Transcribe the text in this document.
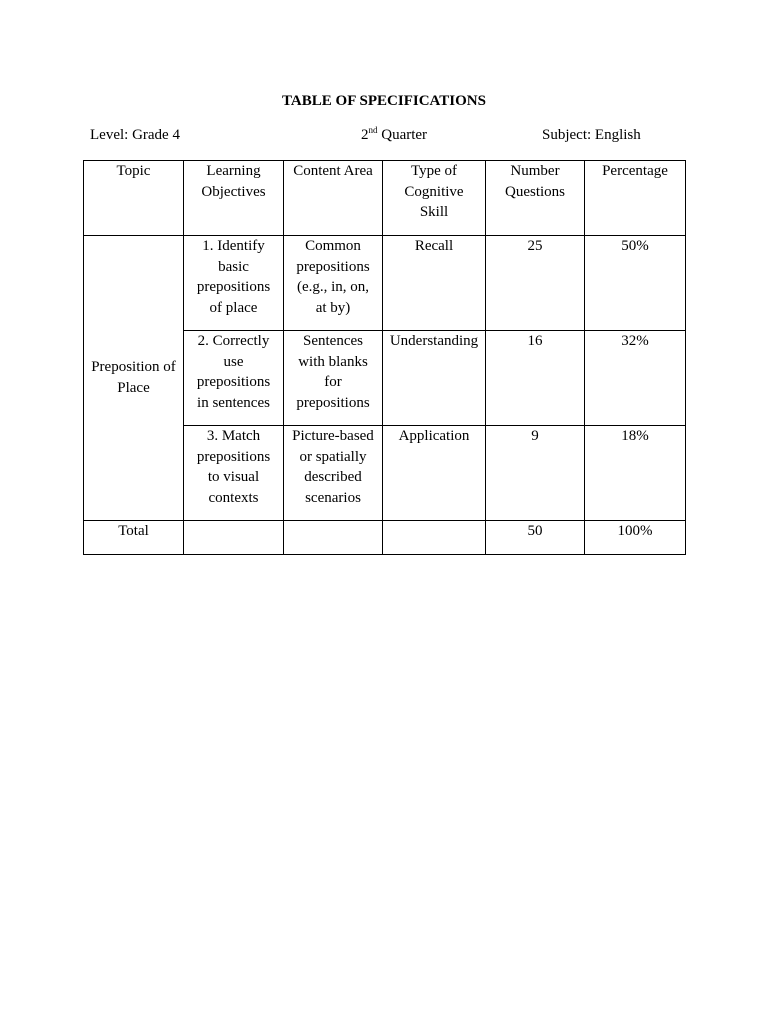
TABLE OF SPECIFICATIONS
Level: Grade 4	2nd Quarter	Subject: English
Topic	Learning Objectives	Content Area	Type of Cognitive Skill	Number Questions	Percentage
Preposition of Place	1. Identify basic prepositions of place	Common prepositions (e.g., in, on, at by)	Recall	25	50%
	2. Correctly use prepositions in sentences	Sentences with blanks for prepositions	Understanding	16	32%
	3. Match prepositions to visual contexts	Picture-based or spatially described scenarios	Application	9	18%
Total				50	100%
